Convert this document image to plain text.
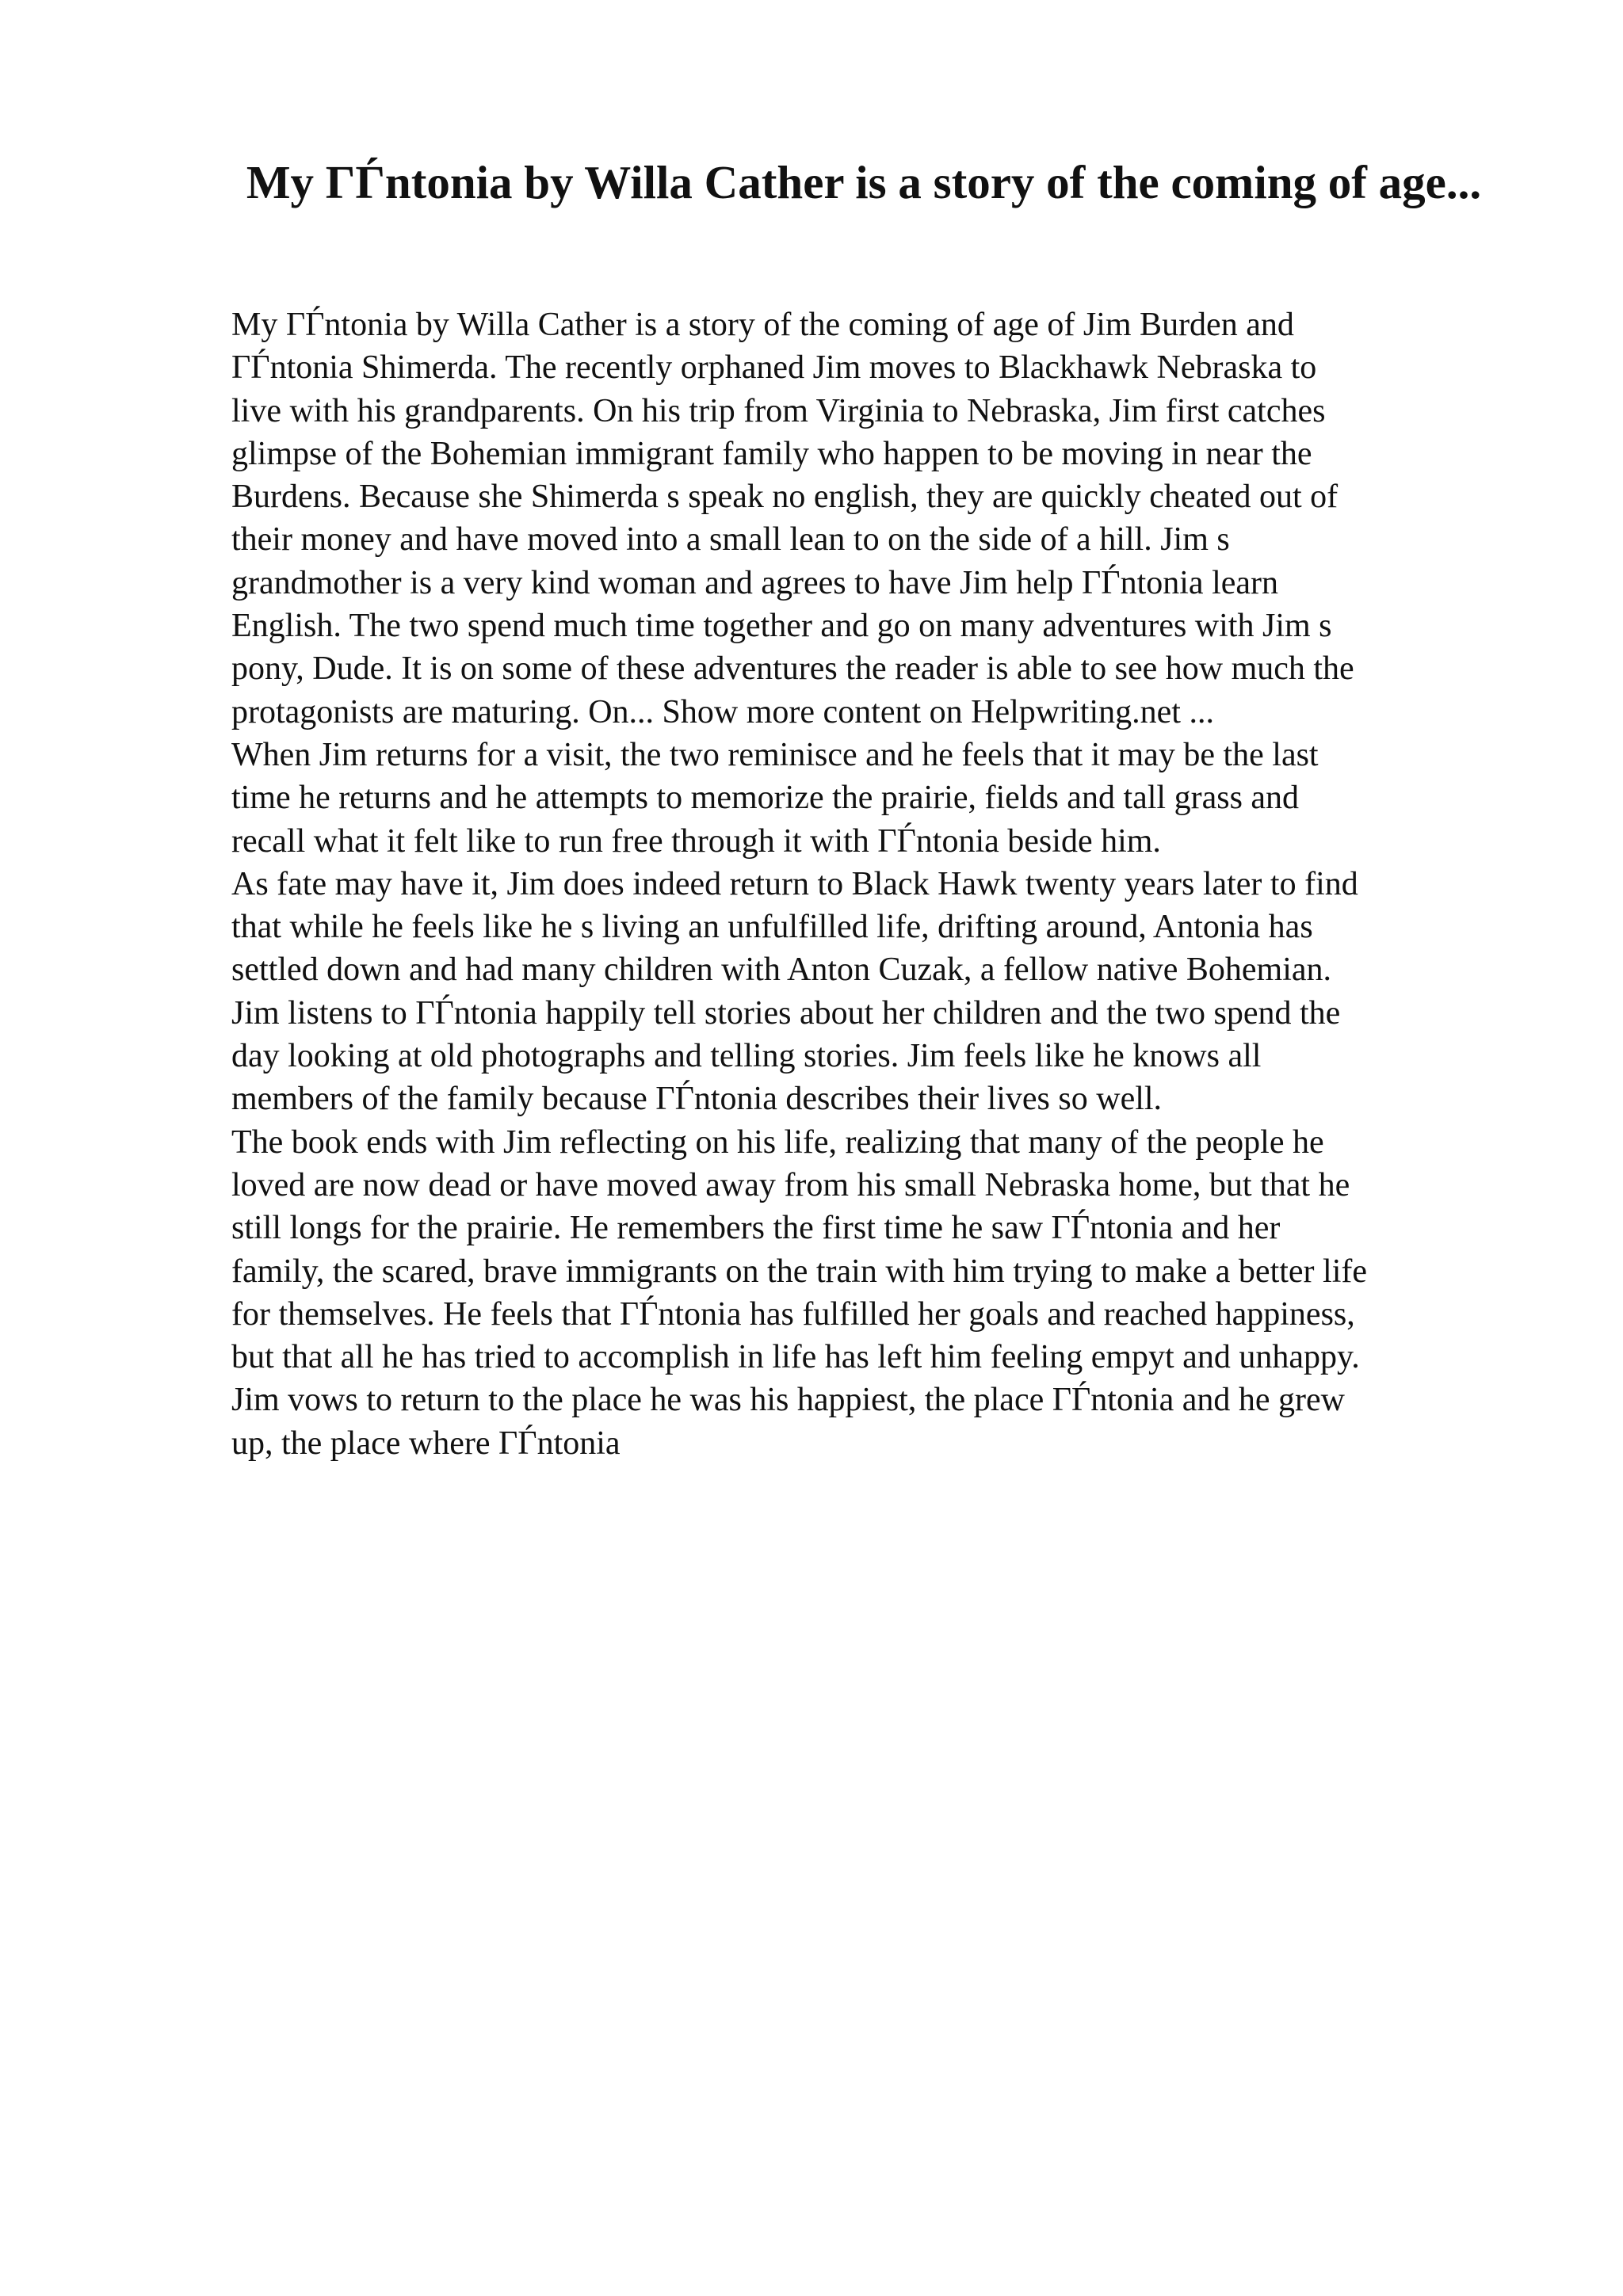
My ΓЃntonia by Willa Cather is a story of the coming of age...
My ΓЃntonia by Willa Cather is a story of the coming of age of Jim Burden and
ΓЃntonia Shimerda. The recently orphaned Jim moves to Blackhawk Nebraska to
live with his grandparents. On his trip from Virginia to Nebraska, Jim first catches
glimpse of the Bohemian immigrant family who happen to be moving in near the
Burdens. Because she Shimerda s speak no english, they are quickly cheated out of
their money and have moved into a small lean to on the side of a hill. Jim s
grandmother is a very kind woman and agrees to have Jim help ΓЃntonia learn
English. The two spend much time together and go on many adventures with Jim s
pony, Dude. It is on some of these adventures the reader is able to see how much the
protagonists are maturing. On... Show more content on Helpwriting.net ...
When Jim returns for a visit, the two reminisce and he feels that it may be the last
time he returns and he attempts to memorize the prairie, fields and tall grass and
recall what it felt like to run free through it with ΓЃntonia beside him.
As fate may have it, Jim does indeed return to Black Hawk twenty years later to find
that while he feels like he s living an unfulfilled life, drifting around, Antonia has
settled down and had many children with Anton Cuzak, a fellow native Bohemian.
Jim listens to ΓЃntonia happily tell stories about her children and the two spend the
day looking at old photographs and telling stories. Jim feels like he knows all
members of the family because ΓЃntonia describes their lives so well.
The book ends with Jim reflecting on his life, realizing that many of the people he
loved are now dead or have moved away from his small Nebraska home, but that he
still longs for the prairie. He remembers the first time he saw ΓЃntonia and her
family, the scared, brave immigrants on the train with him trying to make a better life
for themselves. He feels that ΓЃntonia has fulfilled her goals and reached happiness,
but that all he has tried to accomplish in life has left him feeling empyt and unhappy.
Jim vows to return to the place he was his happiest, the place ΓЃntonia and he grew
up, the place where ΓЃntonia
